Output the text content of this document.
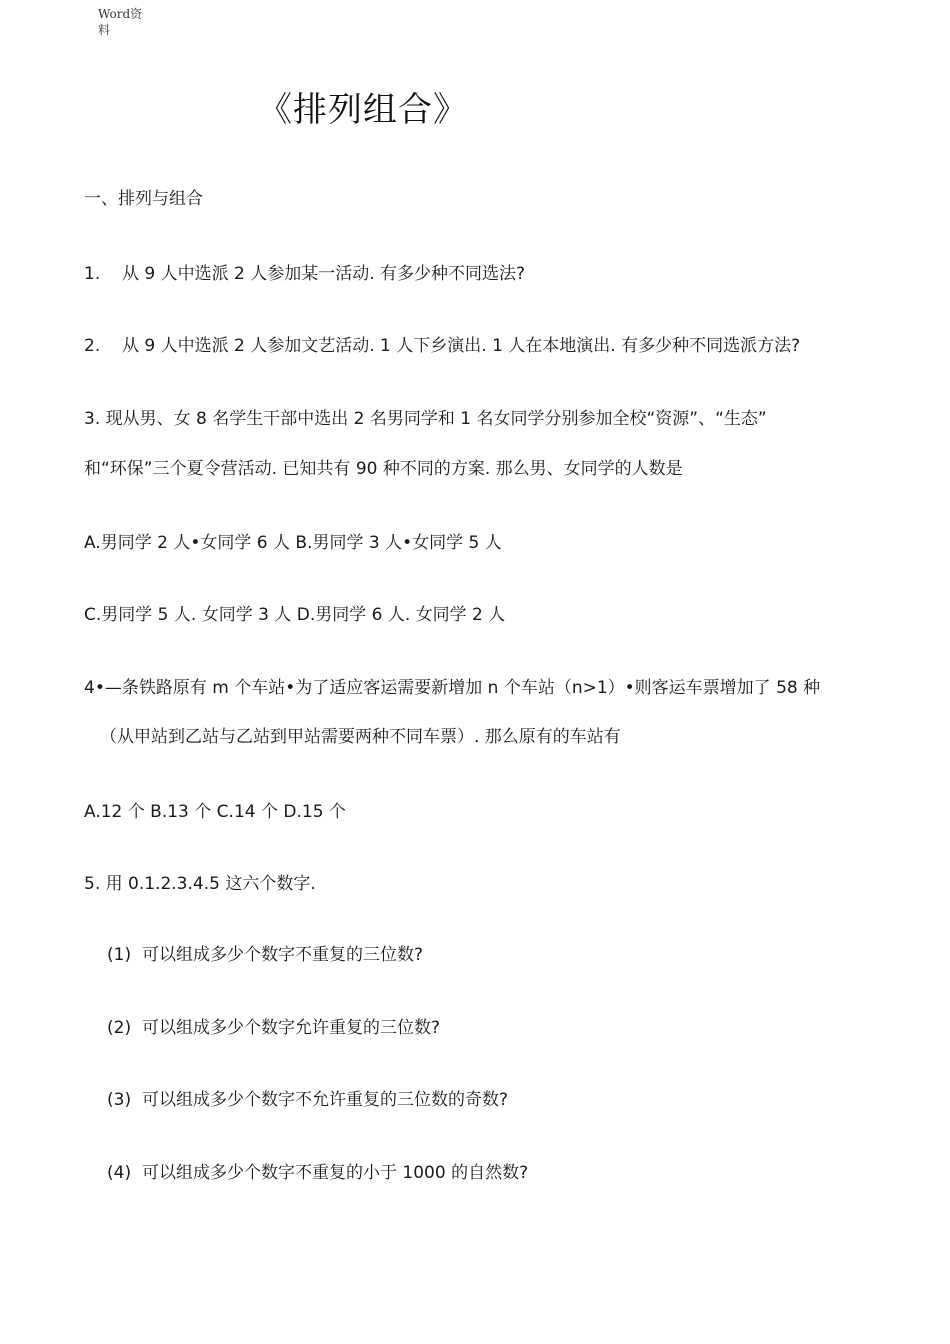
Word资料
《排列组合》
一、排列与组合
1. 从 9 人中选派 2 人参加某一活动. 有多少种不同选法?
2. 从 9 人中选派 2 人参加文艺活动. 1 人下乡演出. 1 人在本地演出. 有多少种不同选派方法?
3. 现从男、女 8 名学生干部中选出 2 名男同学和 1 名女同学分别参加全校“资源”、“生态”
和“环保”三个夏令营活动. 已知共有 90 种不同的方案. 那么男、女同学的人数是
A.男同学 2 人•女同学 6 人 B.男同学 3 人•女同学 5 人
C.男同学 5 人. 女同学 3 人 D.男同学 6 人. 女同学 2 人
4•—条铁路原有 m 个车站•为了适应客运需要新增加 n 个车站（n>1）•则客运车票增加了 58 种
（从甲站到乙站与乙站到甲站需要两种不同车票）. 那么原有的车站有
A.12 个 B.13 个 C.14 个 D.15 个
5. 用 0.1.2.3.4.5 这六个数字.
(1) 可以组成多少个数字不重复的三位数?
(2) 可以组成多少个数字允许重复的三位数?
(3) 可以组成多少个数字不允许重复的三位数的奇数?
(4) 可以组成多少个数字不重复的小于 1000 的自然数?
